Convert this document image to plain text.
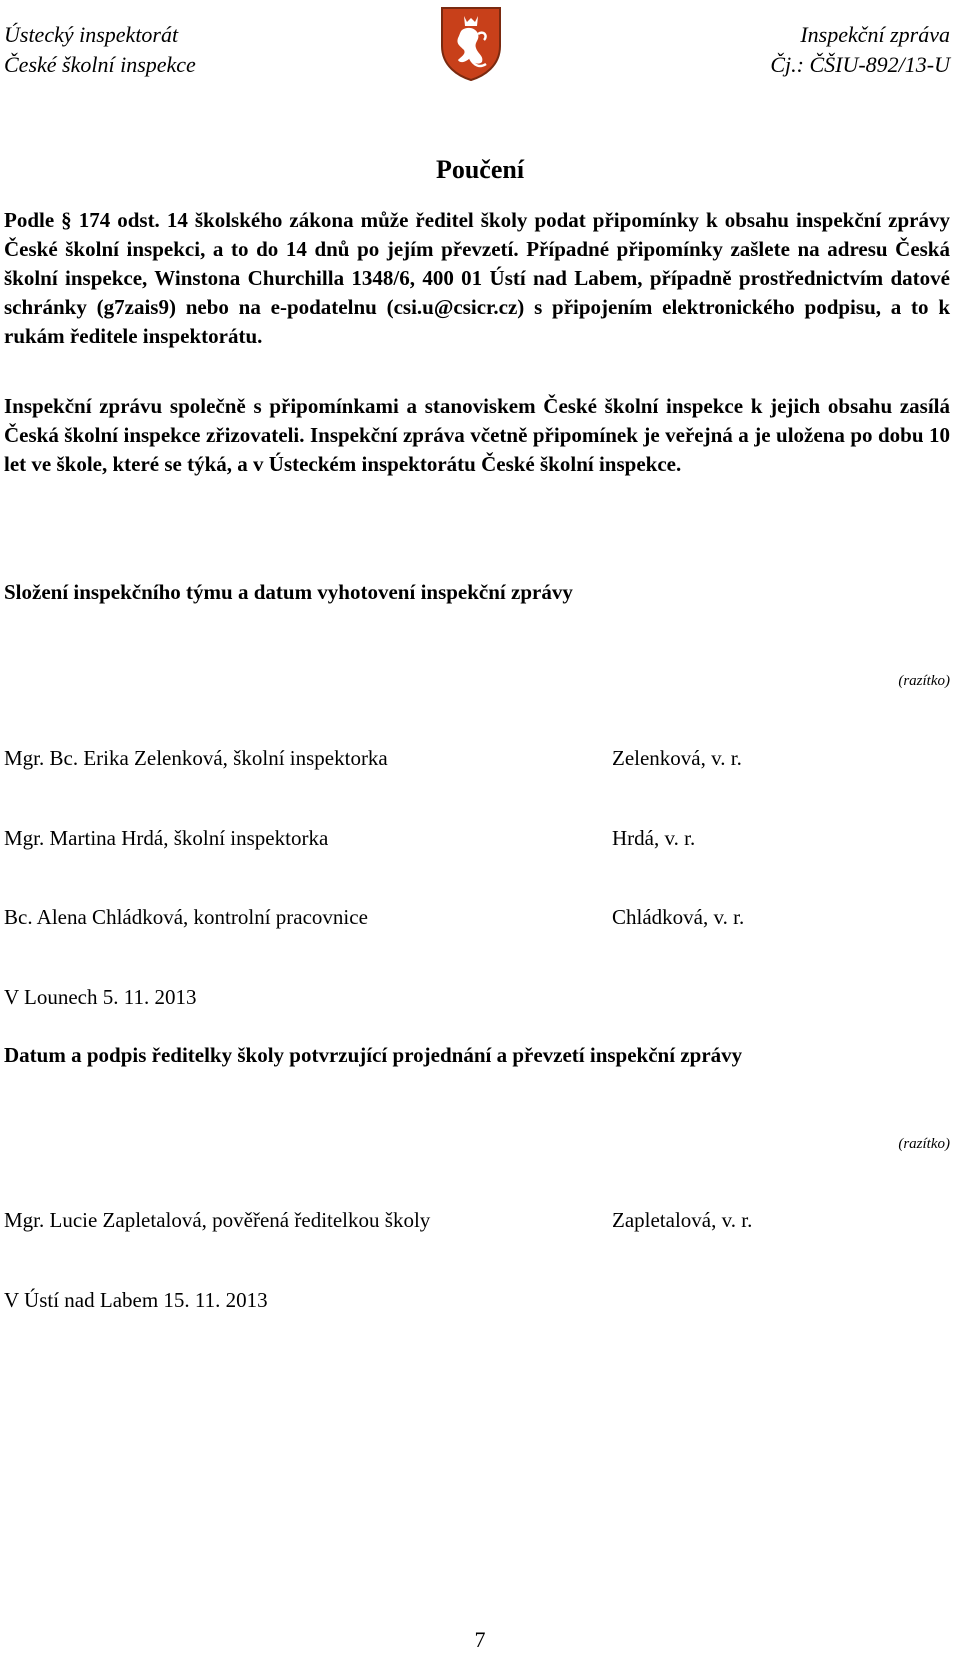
Ústecký inspektorát
České školní inspekce
Inspekční zpráva
Čj.: ČŠIU-892/13-U
Poučení
Podle § 174 odst. 14 školského zákona může ředitel školy podat připomínky k obsahu inspekční zprávy České školní inspekci, a to do 14 dnů po jejím převzetí. Případné připomínky zašlete na adresu Česká školní inspekce, Winstona Churchilla 1348/6, 400 01 Ústí nad Labem, případně prostřednictvím datové schránky (g7zais9) nebo na e-podatelnu (csi.u@csicr.cz) s připojením elektronického podpisu, a to k rukám ředitele inspektorátu.
Inspekční zprávu společně s připomínkami a stanoviskem České školní inspekce k jejich obsahu zasílá Česká školní inspekce zřizovateli. Inspekční zpráva včetně připomínek je veřejná a je uložena po dobu 10 let ve škole, které se týká, a v Ústeckém inspektorátu České školní inspekce.
Složení inspekčního týmu a datum vyhotovení inspekční zprávy
(razítko)
Mgr. Bc. Erika Zelenková, školní inspektorka	Zelenková, v. r.
Mgr. Martina Hrdá, školní inspektorka	Hrdá, v. r.
Bc. Alena Chládková, kontrolní pracovnice	Chládková, v. r.
V Lounech 5. 11. 2013
Datum a podpis ředitelky školy potvrzující projednání a převzetí inspekční zprávy
(razítko)
Mgr. Lucie Zapletalová, pověřená ředitelkou školy	Zapletalová, v. r.
V Ústí nad Labem 15. 11. 2013
7
